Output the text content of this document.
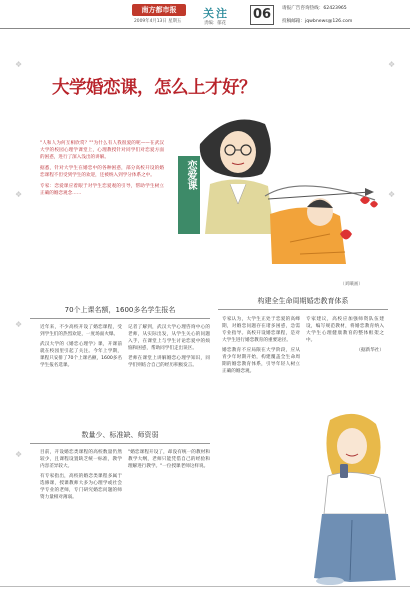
南方都市报
2009年4月13日 星期五
关注
责编：郁花
06	请报广告咨询热线：62423965
投稿邮箱：jqwbnews@126.com
❖
❖
❖
❖
❖
❖
大学婚恋课，怎么上才好？
恋爱课
（刘曦画）

"人和人为何互相欣赏？""为什么有人我很爱的呢——在武汉大学的校园心理学课堂上，心理教授针对同学们对恋爱方面的困惑，进行了深入浅出的讲解。

据悉，针对大学生在婚恋中的各种困惑，部分高校开设的婚恋课程不但受到学生的欢迎，还被纳入到学分体系之中。

专家：恋爱课应着眼于对学生恋爱观的引导，帮助学生树立正确的婚恋观念……

70个上课名额，1600多名学生报名

近年来，不少高校开设了婚恋课程，受到学生们的热烈欢迎，一度场面火爆。

武汉大学的《婚恋心理学》课，开课前就在校园里引起了关注。今年上学期，课程只安排了70个上课名额，1600多名学生报名选课。

记者了解到，武汉大学心理咨询中心的老师，从实际出发，从学生关心的问题入手，在课堂上与学生讨论恋爱中的烦恼和困惑，帮助同学们走出误区。

老师在课堂上讲解婚恋心理学知识，同学们则结合自己的经历积极发言。

数量少、标准缺、师资弱

目前，开设婚恋类课程的高校数量仍然较少，且课程设置缺乏统一标准，教学内容差异较大。

有专家指出，高校的婚恋类课程多属于选修课，授课教师大多为心理学或社会学专业的老师，专门研究婚恋问题的师资力量相对薄弱。

"婚恋课程开设了，却没有统一的教材和教学大纲，老师只能凭借自己的经验和理解进行教学。"一位授课老师这样说。

构建全生命周期婚恋教育体系

专家认为，大学生正处于恋爱的高峰期，对婚恋问题存在诸多困惑，急需专业指导。高校开设婚恋课程，是对大学生进行婚恋教育的重要途径。

婚恋教育不应局限在大学阶段，应从青少年时期开始，构建覆盖全生命周期的婚恋教育体系，引导年轻人树立正确的婚恋观。

专家建议，高校应加强师资队伍建设，编写规范教材，将婚恋教育纳入大学生心理健康教育的整体框架之中。

（据新华社）
